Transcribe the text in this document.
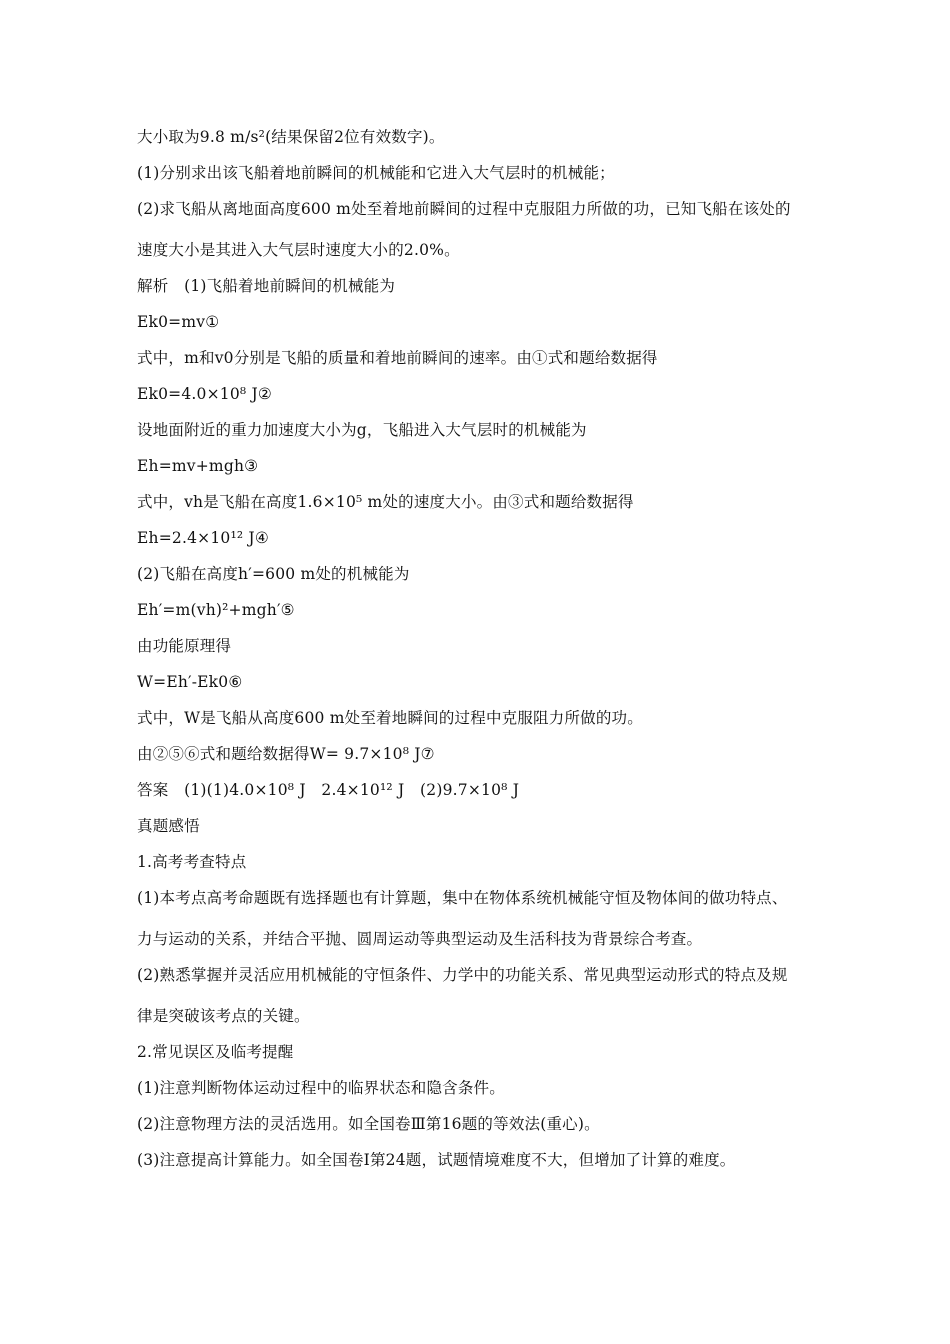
大小取为9.8 m/s²(结果保留2位有效数字)。
(1)分别求出该飞船着地前瞬间的机械能和它进入大气层时的机械能；
(2)求飞船从离地面高度600 m处至着地前瞬间的过程中克服阻力所做的功，已知飞船在该处的
速度大小是其进入大气层时速度大小的2.0%。
解析　(1)飞船着地前瞬间的机械能为
Ek0=mv①
式中，m和v0分别是飞船的质量和着地前瞬间的速率。由①式和题给数据得
Ek0=4.0×10⁸ J②
设地面附近的重力加速度大小为g，飞船进入大气层时的机械能为
Eh=mv+mgh③
式中，vh是飞船在高度1.6×10⁵ m处的速度大小。由③式和题给数据得
Eh=2.4×10¹² J④
(2)飞船在高度h′=600 m处的机械能为
Eh′=m(vh)²+mgh′⑤
由功能原理得
W=Eh′-Ek0⑥
式中，W是飞船从高度600 m处至着地瞬间的过程中克服阻力所做的功。
由②⑤⑥式和题给数据得W= 9.7×10⁸ J⑦
答案　(1)(1)4.0×10⁸ J　2.4×10¹² J　(2)9.7×10⁸ J
真题感悟
1.高考考查特点
(1)本考点高考命题既有选择题也有计算题，集中在物体系统机械能守恒及物体间的做功特点、
力与运动的关系，并结合平抛、圆周运动等典型运动及生活科技为背景综合考查。
(2)熟悉掌握并灵活应用机械能的守恒条件、力学中的功能关系、常见典型运动形式的特点及规
律是突破该考点的关键。
2.常见误区及临考提醒
(1)注意判断物体运动过程中的临界状态和隐含条件。
(2)注意物理方法的灵活选用。如全国卷Ⅲ第16题的等效法(重心)。
(3)注意提高计算能力。如全国卷Ⅰ第24题，试题情境难度不大，但增加了计算的难度。
